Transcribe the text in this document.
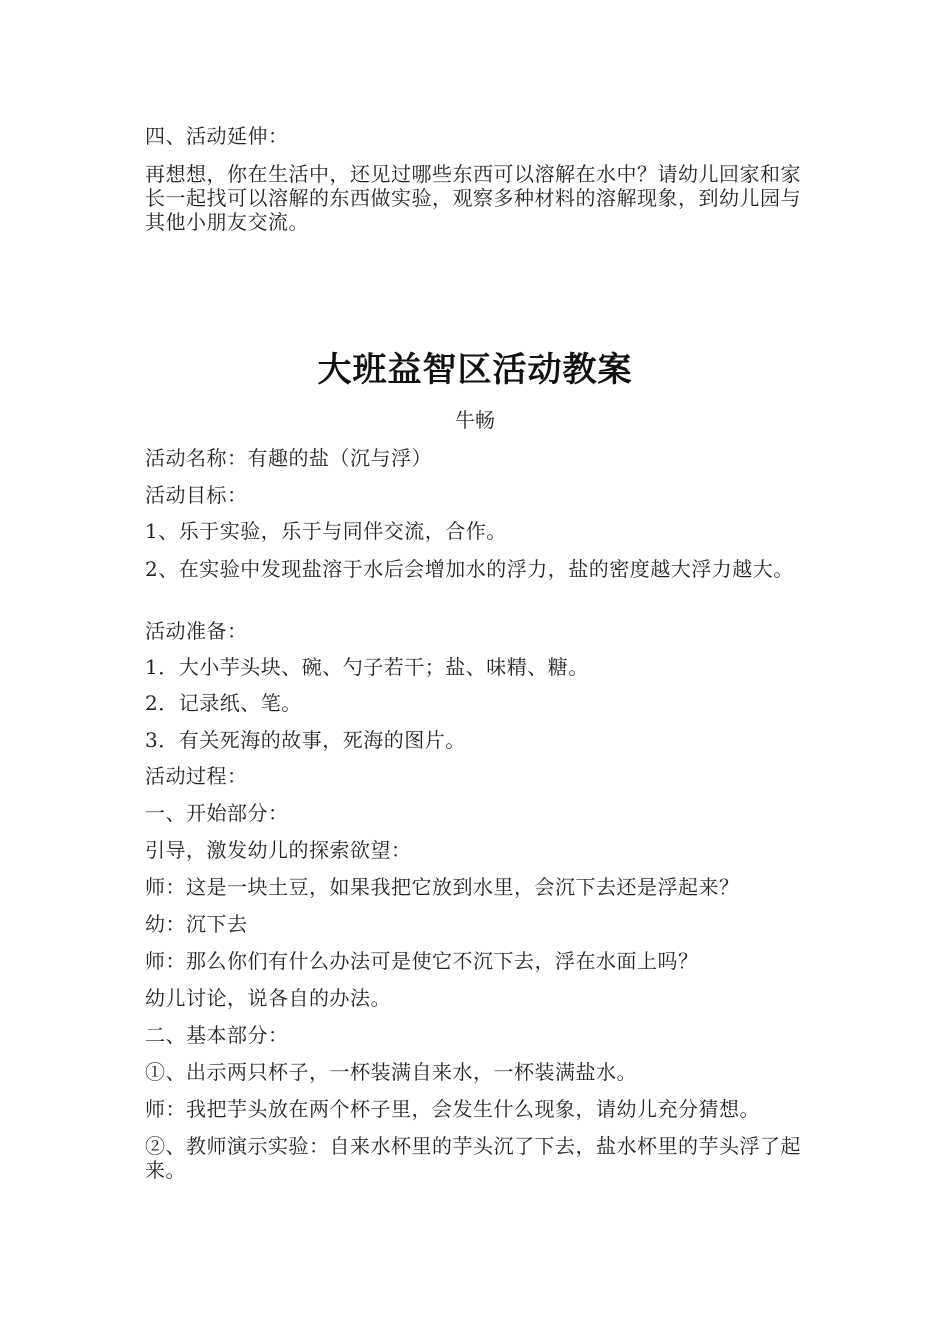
四、活动延伸：
再想想，你在生活中，还见过哪些东西可以溶解在水中？请幼儿回家和家长一起找可以溶解的东西做实验，观察多种材料的溶解现象，到幼儿园与其他小朋友交流。
大班益智区活动教案
牛畅
活动名称：有趣的盐（沉与浮）
活动目标：
1、乐于实验，乐于与同伴交流，合作。
2、在实验中发现盐溶于水后会增加水的浮力，盐的密度越大浮力越大。
活动准备：
1．大小芋头块、碗、勺子若干；盐、味精、糖。
2．记录纸、笔。
3．有关死海的故事，死海的图片。
活动过程：
一、开始部分：
引导，激发幼儿的探索欲望：
师：这是一块土豆，如果我把它放到水里，会沉下去还是浮起来？
幼：沉下去
师：那么你们有什么办法可是使它不沉下去，浮在水面上吗？
幼儿讨论，说各自的办法。
二、基本部分：
①、出示两只杯子，一杯装满自来水，一杯装满盐水。
师：我把芋头放在两个杯子里，会发生什么现象，请幼儿充分猜想。
②、教师演示实验：自来水杯里的芋头沉了下去，盐水杯里的芋头浮了起来。
